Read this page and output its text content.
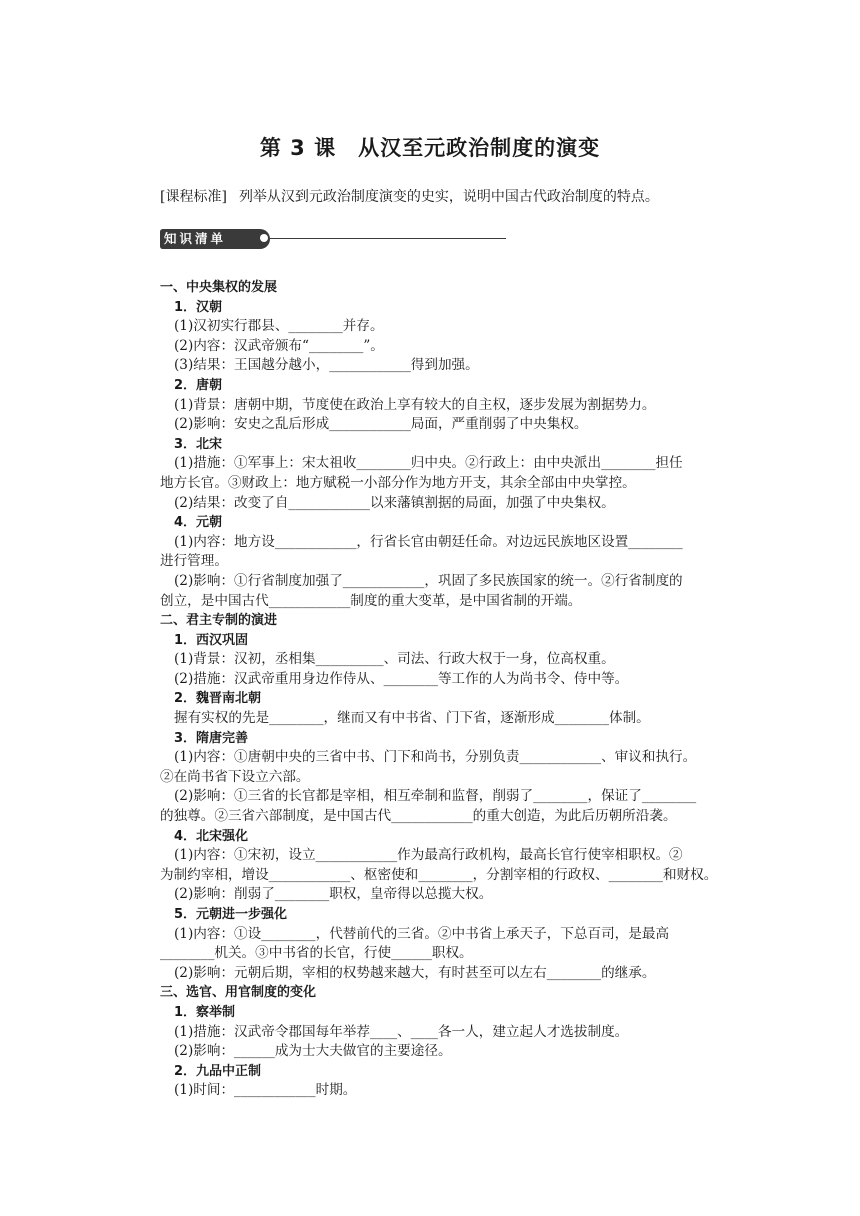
第 3 课　从汉至元政治制度的演变
[课程标准] 列举从汉到元政治制度演变的史实，说明中国古代政治制度的特点。
知识清单

一、中央集权的发展

1．汉朝

(1)汉初实行郡县、________并存。

(2)内容：汉武帝颁布“________”。

(3)结果：王国越分越小，____________得到加强。

2．唐朝

(1)背景：唐朝中期，节度使在政治上享有较大的自主权，逐步发展为割据势力。

(2)影响：安史之乱后形成____________局面，严重削弱了中央集权。

3．北宋

(1)措施：①军事上：宋太祖收________归中央。②行政上：由中央派出________担任

地方长官。③财政上：地方赋税一小部分作为地方开支，其余全部由中央掌控。

(2)结果：改变了自____________以来藩镇割据的局面，加强了中央集权。

4．元朝

(1)内容：地方设____________，行省长官由朝廷任命。对边远民族地区设置________

进行管理。

(2)影响：①行省制度加强了____________，巩固了多民族国家的统一。②行省制度的

创立，是中国古代____________制度的重大变革，是中国省制的开端。

二、君主专制的演进

1．西汉巩固

(1)背景：汉初，丞相集__________、司法、行政大权于一身，位高权重。

(2)措施：汉武帝重用身边作侍从、________等工作的人为尚书令、侍中等。

2．魏晋南北朝

握有实权的先是________，继而又有中书省、门下省，逐渐形成________体制。

3．隋唐完善

(1)内容：①唐朝中央的三省中书、门下和尚书，分别负责____________、审议和执行。

②在尚书省下设立六部。

(2)影响：①三省的长官都是宰相，相互牵制和监督，削弱了________，保证了________

的独尊。②三省六部制度，是中国古代____________的重大创造，为此后历朝所沿袭。

4．北宋强化

(1)内容：①宋初，设立____________作为最高行政机构，最高长官行使宰相职权。②

为制约宰相，增设____________、枢密使和________，分割宰相的行政权、________和财权。

(2)影响：削弱了________职权，皇帝得以总揽大权。

5．元朝进一步强化

(1)内容：①设________，代替前代的三省。②中书省上承天子，下总百司，是最高

________机关。③中书省的长官，行使______职权。

(2)影响：元朝后期，宰相的权势越来越大，有时甚至可以左右________的继承。

三、选官、用官制度的变化

1．察举制

(1)措施：汉武帝令郡国每年举荐____、____各一人，建立起人才选拔制度。

(2)影响：______成为士大夫做官的主要途径。

2．九品中正制

(1)时间：____________时期。
